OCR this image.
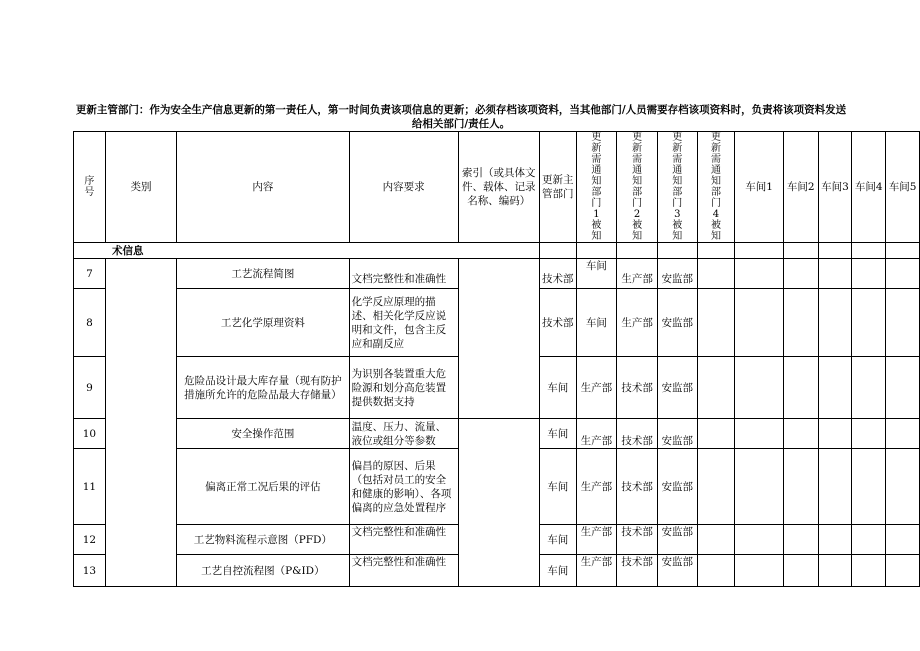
更新主管部门：作为安全生产信息更新的第一责任人，第一时间负责该项信息的更新；必须存档该项资料，当其他部门/人员需要存档该项资料时，负责将该项资料发送给相关部门/责任人。
序号	类别	内容	内容要求	索引（或具体文件、载体、记录名称、编码）	更新主管部门	更新需通知部门1被知	更新需通知部门2被知	更新需通知部门3被知	更新需通知部门4被知	车间1	车间2	车间3	车间4	车间5
术信息														
7		工艺流程简图	文档完整性和准确性		技术部	车间	生产部	安监部						
8		工艺化学原理资料	化学反应原理的描述、相关化学反应说明和文件，包含主反应和副反应		技术部	车间	生产部	安监部						
9		危险品设计最大库存量（现有防护措施所允许的危险品最大存储量）	为识别各装置重大危险源和划分高危装置提供数据支持		车间	生产部	技术部	安监部						
10		安全操作范围	温度、压力、流量、液位或组分等参数		车间	生产部	技术部	安监部						
11		偏离正常工况后果的评估	偏昌的原因、后果（包括对员工的安全和健康的影响）、各项偏离的应急处置程序		车间	生产部	技术部	安监部						
12		工艺物料流程示意图（PFD）	文档完整性和准确性		车间	生产部	技术部	安监部						
13		工艺自控流程图（P&ID）	文档完整性和准确性		车间	生产部	技术部	安监部						
